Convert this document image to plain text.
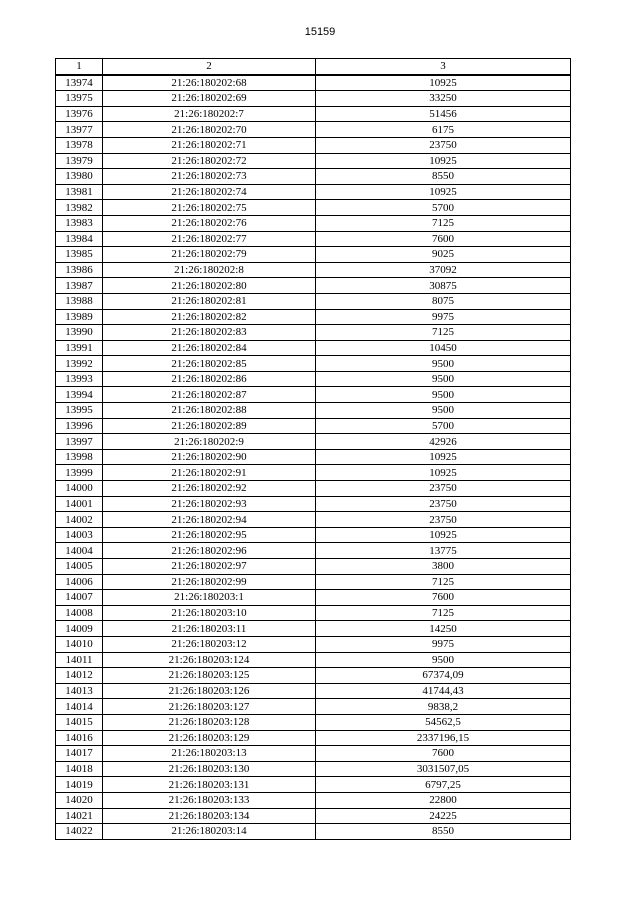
15159
1	2	3
13974	21:26:180202:68	10925
13975	21:26:180202:69	33250
13976	21:26:180202:7	51456
13977	21:26:180202:70	6175
13978	21:26:180202:71	23750
13979	21:26:180202:72	10925
13980	21:26:180202:73	8550
13981	21:26:180202:74	10925
13982	21:26:180202:75	5700
13983	21:26:180202:76	7125
13984	21:26:180202:77	7600
13985	21:26:180202:79	9025
13986	21:26:180202:8	37092
13987	21:26:180202:80	30875
13988	21:26:180202:81	8075
13989	21:26:180202:82	9975
13990	21:26:180202:83	7125
13991	21:26:180202:84	10450
13992	21:26:180202:85	9500
13993	21:26:180202:86	9500
13994	21:26:180202:87	9500
13995	21:26:180202:88	9500
13996	21:26:180202:89	5700
13997	21:26:180202:9	42926
13998	21:26:180202:90	10925
13999	21:26:180202:91	10925
14000	21:26:180202:92	23750
14001	21:26:180202:93	23750
14002	21:26:180202:94	23750
14003	21:26:180202:95	10925
14004	21:26:180202:96	13775
14005	21:26:180202:97	3800
14006	21:26:180202:99	7125
14007	21:26:180203:1	7600
14008	21:26:180203:10	7125
14009	21:26:180203:11	14250
14010	21:26:180203:12	9975
14011	21:26:180203:124	9500
14012	21:26:180203:125	67374,09
14013	21:26:180203:126	41744,43
14014	21:26:180203:127	9838,2
14015	21:26:180203:128	54562,5
14016	21:26:180203:129	2337196,15
14017	21:26:180203:13	7600
14018	21:26:180203:130	3031507,05
14019	21:26:180203:131	6797,25
14020	21:26:180203:133	22800
14021	21:26:180203:134	24225
14022	21:26:180203:14	8550
